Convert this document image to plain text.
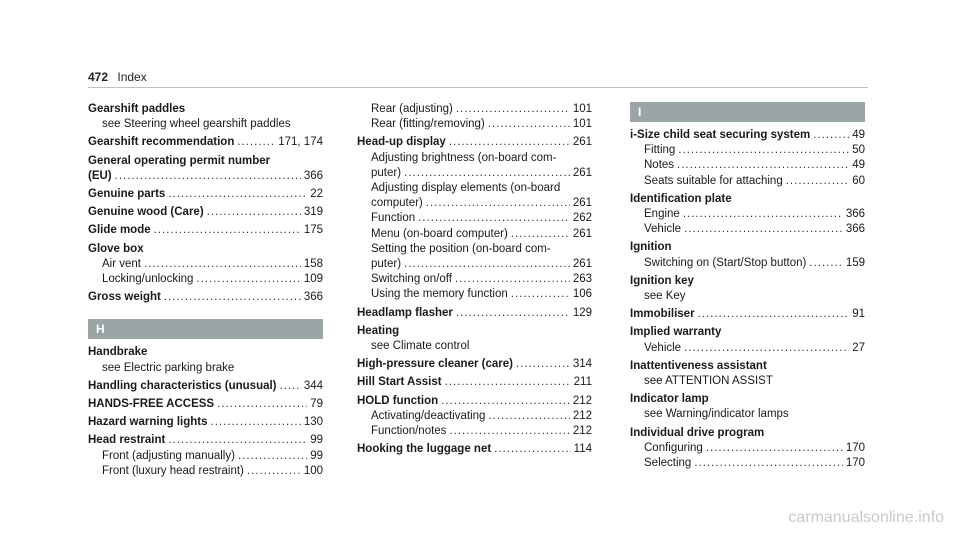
472 Index
Gearshift paddles
see Steering wheel gearshift paddles
Gearshift recommendation .....	171, 174
General operating permit number
(EU) .....	366
Genuine parts .....	22
Genuine wood (Care) .....	319
Glide mode .....	175
Glove box
Air vent .....	158
Locking/unlocking .....	109
Gross weight .....	366
H
Handbrake
see Electric parking brake
Handling characteristics (unusual) ..... 344
HANDS-FREE ACCESS .....	79
Hazard warning lights .....	130
Head restraint .....	99
Front (adjusting manually) .....	99
Front (luxury head restraint) .....	100
Rear (adjusting) .....	101
Rear (fitting/removing) .....	101
Head-up display .....	261
Adjusting brightness (on-board com-
puter) .....	261
Adjusting display elements (on-board
computer) .....	261
Function .....	262
Menu (on-board computer) .....	261
Setting the position (on-board com-
puter) .....	261
Switching on/off .....	263
Using the memory function .....	106
Headlamp flasher .....	129
Heating
see Climate control
High-pressure cleaner (care) .....	314
Hill Start Assist .....	211
HOLD function .....	212
Activating/deactivating .....	212
Function/notes .....	212
Hooking the luggage net .....	114
I
i-Size child seat securing system .....	49
Fitting .....	50
Notes .....	49
Seats suitable for attaching .....	60
Identification plate
Engine .....	366
Vehicle .....	366
Ignition
Switching on (Start/Stop button) .....	159
Ignition key
see Key
Immobiliser .....	91
Implied warranty
Vehicle .....	27
Inattentiveness assistant
see ATTENTION ASSIST
Indicator lamp
see Warning/indicator lamps
Individual drive program
Configuring .....	170
Selecting .....	170
carmanualsonline.info
